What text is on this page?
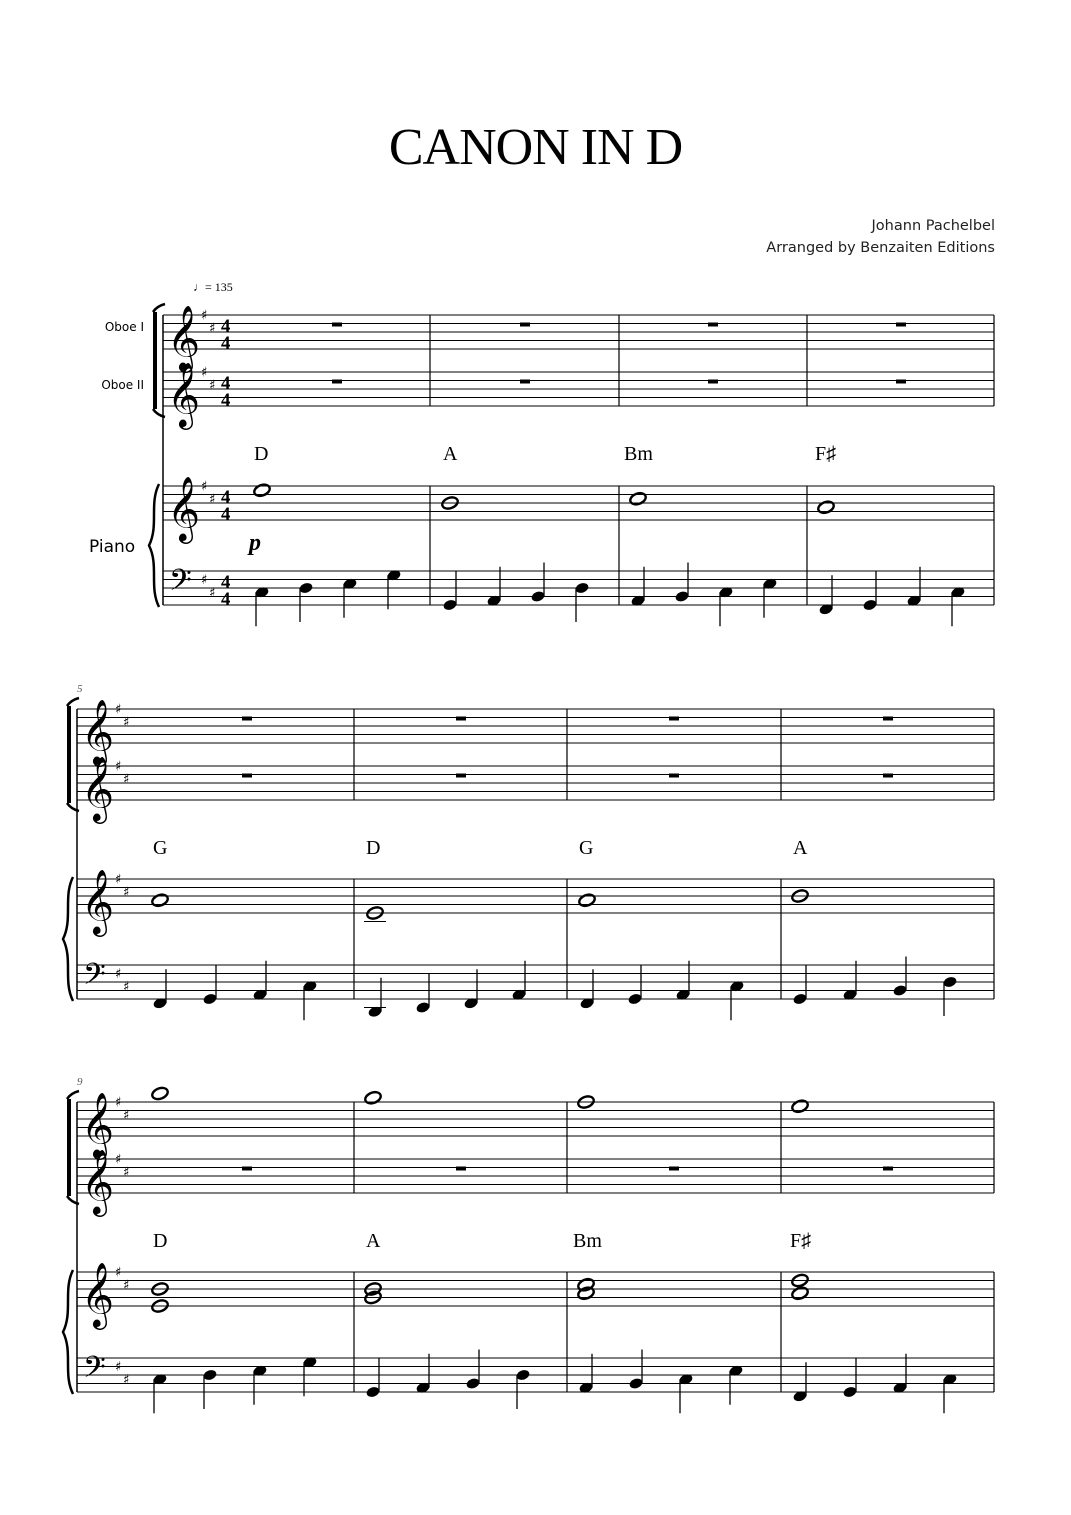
CANON IN D
Johann Pachelbel
Arranged by Benzaiten Editions
♩= 135
Oboe I
Oboe II
Piano	p
D	A	Bm	F♯
5
G	D	G	A
9
D	A	Bm	F♯
𝄞 ♯
♯
𝄞 ♯
♯
𝄞 ♯
♯
𝄢 ♯
♯
4
4
4
4
4
4
4
4
𝄞 ♯
♯
𝄞 ♯
♯
𝄞 ♯
♯
𝄢 ♯
♯
𝄞 ♯
♯
𝄞 ♯
♯
𝄞 ♯
♯
𝄢 ♯
♯
